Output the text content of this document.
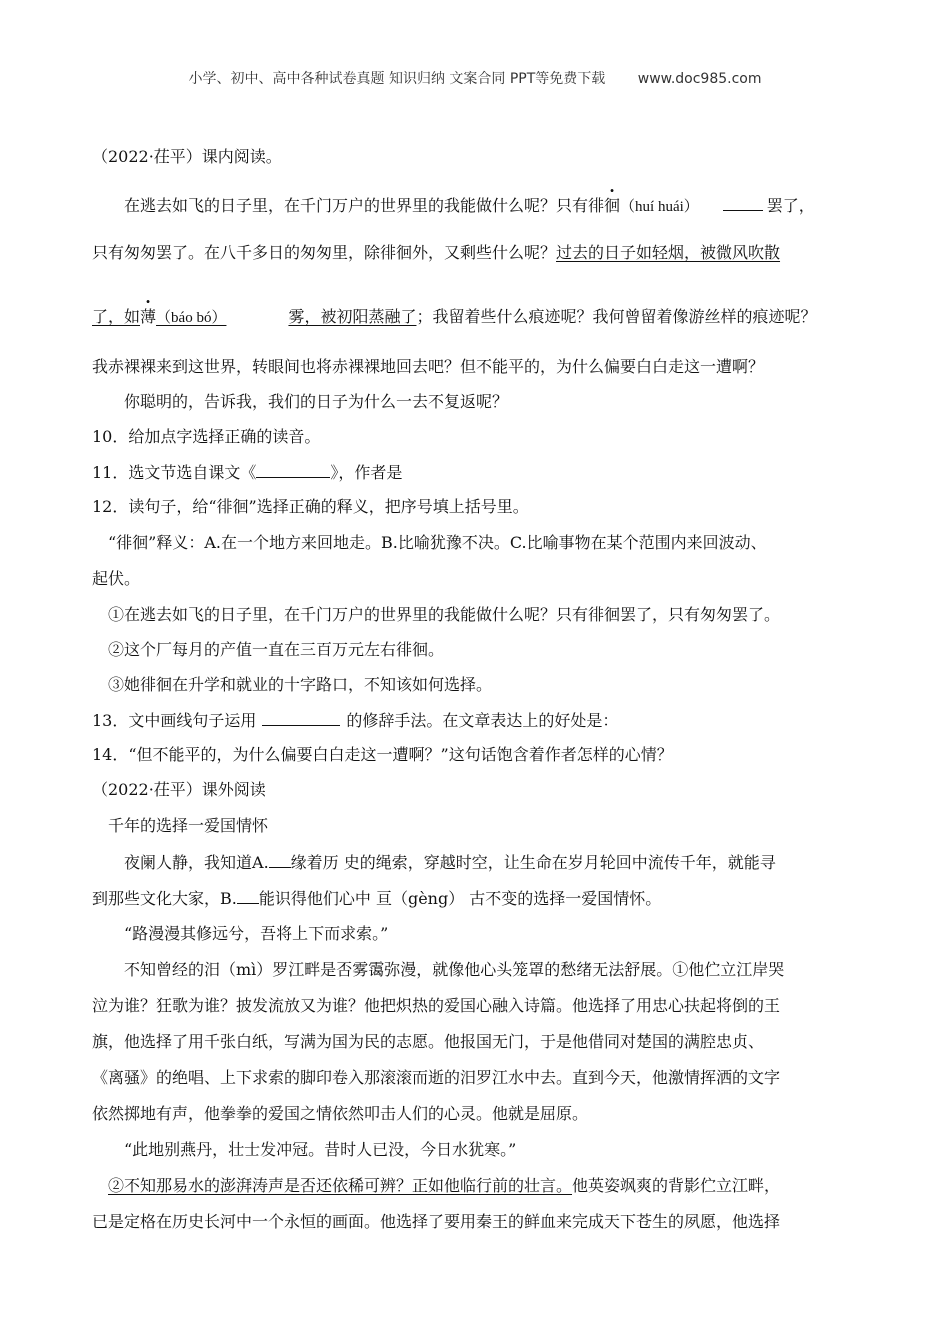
小学、初中、高中各种试卷真题 知识归纳 文案合同 PPT等免费下载 www.doc985.com
（2022·茌平）课内阅读。
在逃去如飞的日子里，在千门万户的世界里的我能做什么呢？只有徘徊（huí huái）	罢了，
只有匆匆罢了。在八千多日的匆匆里，除徘徊外，又剩些什么呢？过去的日子如轻烟，被微风吹散
了，如薄（báo bó）	雾，被初阳蒸融了；我留着些什么痕迹呢？我何曾留着像游丝样的痕迹呢？
我赤裸裸来到这世界，转眼间也将赤裸裸地回去吧？但不能平的，为什么偏要白白走这一遭啊？
你聪明的，告诉我，我们的日子为什么一去不复返呢？
10．给加点字选择正确的读音。
11．选文节选自课文《	》，作者是
12．读句子，给“徘徊”选择正确的释义，把序号填上括号里。
“徘徊”释义：A.在一个地方来回地走。B.比喻犹豫不决。C.比喻事物在某个范围内来回波动、
起伏。
①在逃去如飞的日子里，在千门万户的世界里的我能做什么呢？只有徘徊罢了，只有匆匆罢了。
②这个厂每月的产值一直在三百万元左右徘徊。
③她徘徊在升学和就业的十字路口，不知该如何选择。
13．文中画线句子运用	的修辞手法。在文章表达上的好处是：
14．“但不能平的，为什么偏要白白走这一遭啊？”这句话饱含着作者怎样的心情？
（2022·茌平）课外阅读
千年的选择一爱国情怀
夜阑人静，我知道A. 缘着历 史的绳索，穿越时空，让生命在岁月轮回中流传千年，就能寻
到那些文化大家，B. 能识得他们心中 亘（gèng） 古不变的选择一爱国情怀。
“路漫漫其修远兮，吾将上下而求索。”
不知曾经的汨（mì）罗江畔是否雾霭弥漫，就像他心头笼罩的愁绪无法舒展。①他伫立江岸哭
泣为谁？狂歌为谁？披发流放又为谁？他把炽热的爱国心融入诗篇。他选择了用忠心扶起将倒的王
旗，他选择了用千张白纸，写满为国为民的志愿。他报国无门，于是他借同对楚国的满腔忠贞、
《离骚》的绝唱、上下求索的脚印卷入那滚滚而逝的汨罗江水中去。直到今天，他激情挥洒的文字
依然掷地有声，他拳拳的爱国之情依然叩击人们的心灵。他就是屈原。
“此地别燕丹，壮士发冲冠。昔时人已没，今日水犹寒。”
②不知那易水的澎湃涛声是否还依稀可辨？正如他临行前的壮言。他英姿飒爽的背影伫立江畔，
已是定格在历史长河中一个永恒的画面。他选择了要用秦王的鲜血来完成天下苍生的夙愿，他选择
